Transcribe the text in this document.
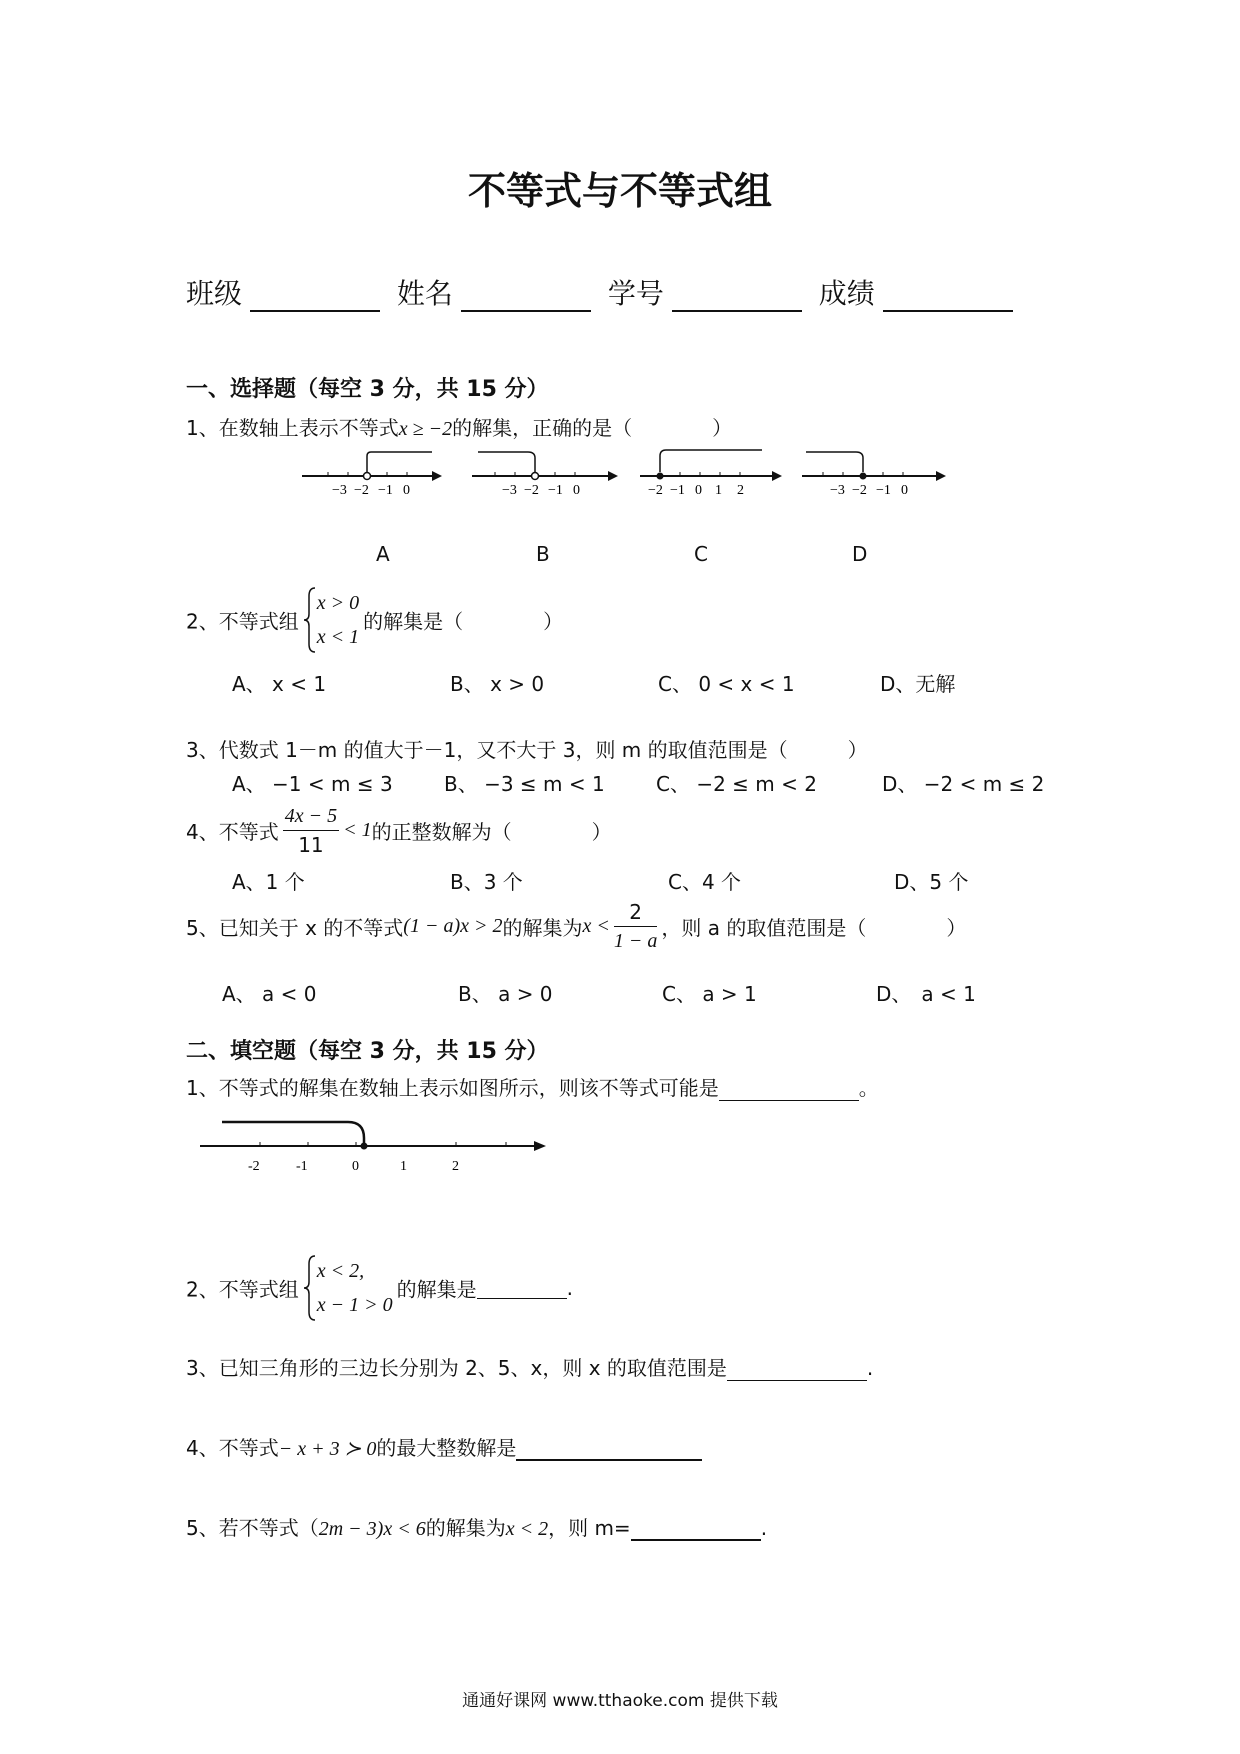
不等式与不等式组
班级	姓名	学号	成绩
一、选择题（每空 3 分，共 15 分）
1、在数轴上表示不等式x ≥ −2的解集，正确的是（　　　　）
−3 −2 −1 0	−3 −2 −1 0	−2 −1 0 1 2	−3 −2 −1 0
A	B	C	D
2、不等式组
x > 0
x < 1
的解集是（　　　　）
A、 x < 1	B、 x > 0	C、 0 < x < 1	D、无解
3、代数式 1－m 的值大于－1，又不大于 3，则 m 的取值范围是（　　　）
A、 −1 < m ≤ 3	B、 −3 ≤ m < 1	C、 −2 ≤ m < 2	D、 −2 < m ≤ 2
4、不等式 $\frac{4x - 5}{11} < 1$的正整数解为（　　　　）
A、1 个	B、3 个	C、4 个	D、5 个
5、已知关于 x 的不等式(1 − a)x > 2的解集为$x < \frac{2}{1 - a}$ ，则 a 的取值范围是（　　　　）
A、 a < 0	B、 a > 0	C、 a > 1	D、　a < 1
二、填空题（每空 3 分，共 15 分）
1、不等式的解集在数轴上表示如图所示，则该不等式可能是	。
-2	-1	0	1	2
2、不等式组
x < 2,
x − 1 > 0
的解集是	.
3、已知三角形的三边长分别为 2、5、x，则 x 的取值范围是	.
4、不等式− x + 3 ≻ 0的最大整数解是
5、若不等式（2m − 3)x < 6的解集为x < 2，则 m=	.
通通好课网 www.tthaoke.com 提供下载
